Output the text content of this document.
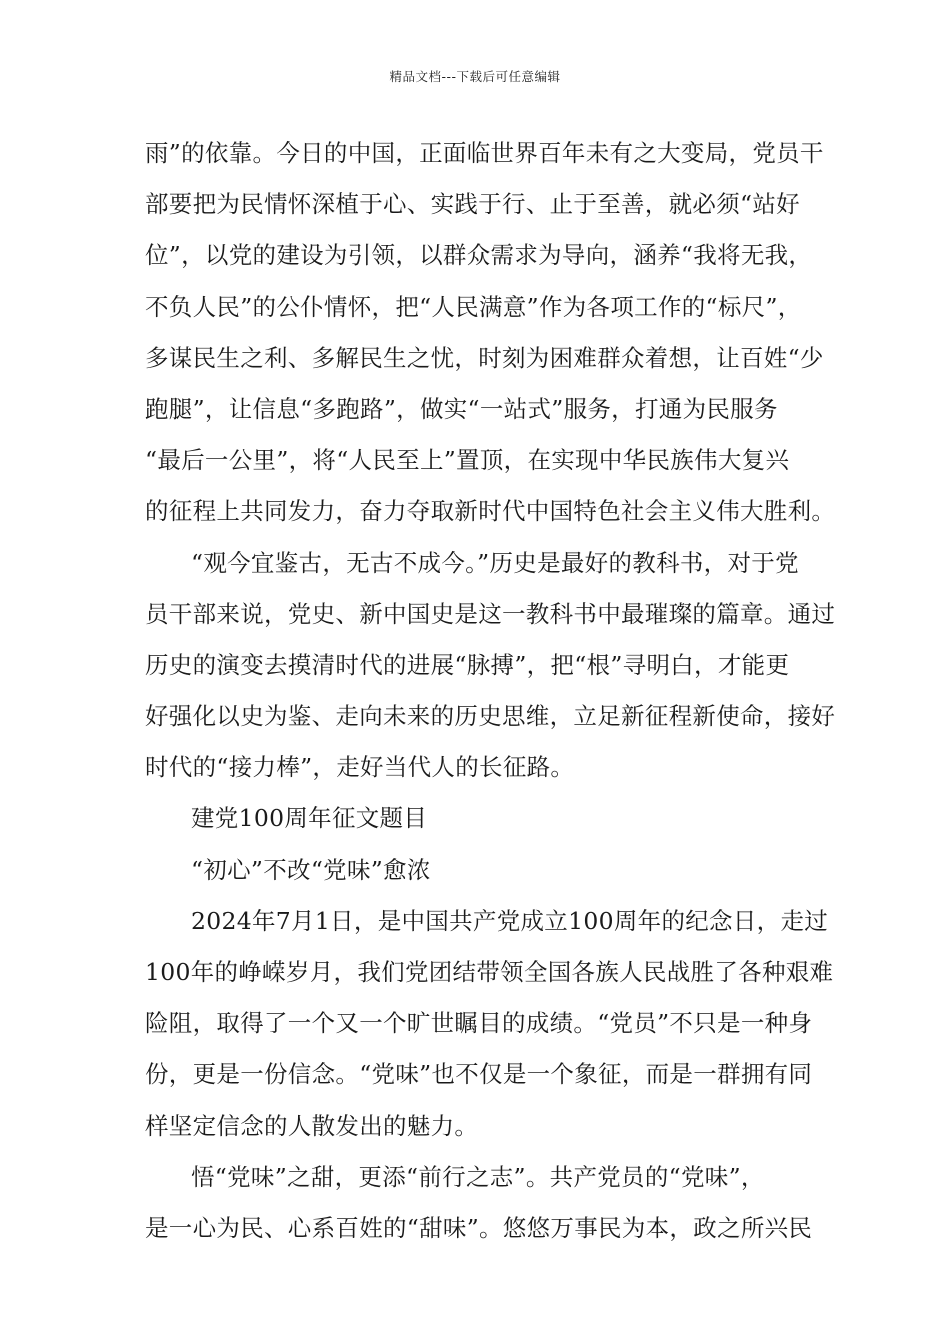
精品文档---下载后可任意编辑
雨”的依靠。今日的中国，正面临世界百年未有之大变局，党员干
部要把为民情怀深植于心、实践于行、止于至善，就必须“站好
位”，以党的建设为引领，以群众需求为导向，涵养“我将无我，
不负人民”的公仆情怀，把“人民满意”作为各项工作的“标尺”，
多谋民生之利、多解民生之忧，时刻为困难群众着想，让百姓“少
跑腿”，让信息“多跑路”，做实“一站式”服务，打通为民服务
“最后一公里”，将“人民至上”置顶，在实现中华民族伟大复兴
的征程上共同发力，奋力夺取新时代中国特色社会主义伟大胜利。
“观今宜鉴古，无古不成今。”历史是最好的教科书，对于党
员干部来说，党史、新中国史是这一教科书中最璀璨的篇章。通过
历史的演变去摸清时代的进展“脉搏”，把“根”寻明白，才能更
好强化以史为鉴、走向未来的历史思维，立足新征程新使命，接好
时代的“接力棒”，走好当代人的长征路。
建党100周年征文题目
“初心”不改“党味”愈浓
2024年7月1日，是中国共产党成立100周年的纪念日，走过
100年的峥嵘岁月，我们党团结带领全国各族人民战胜了各种艰难
险阻，取得了一个又一个旷世瞩目的成绩。“党员”不只是一种身
份，更是一份信念。“党味”也不仅是一个象征，而是一群拥有同
样坚定信念的人散发出的魅力。
悟“党味”之甜，更添“前行之志”。共产党员的“党味”，
是一心为民、心系百姓的“甜味”。悠悠万事民为本，政之所兴民
